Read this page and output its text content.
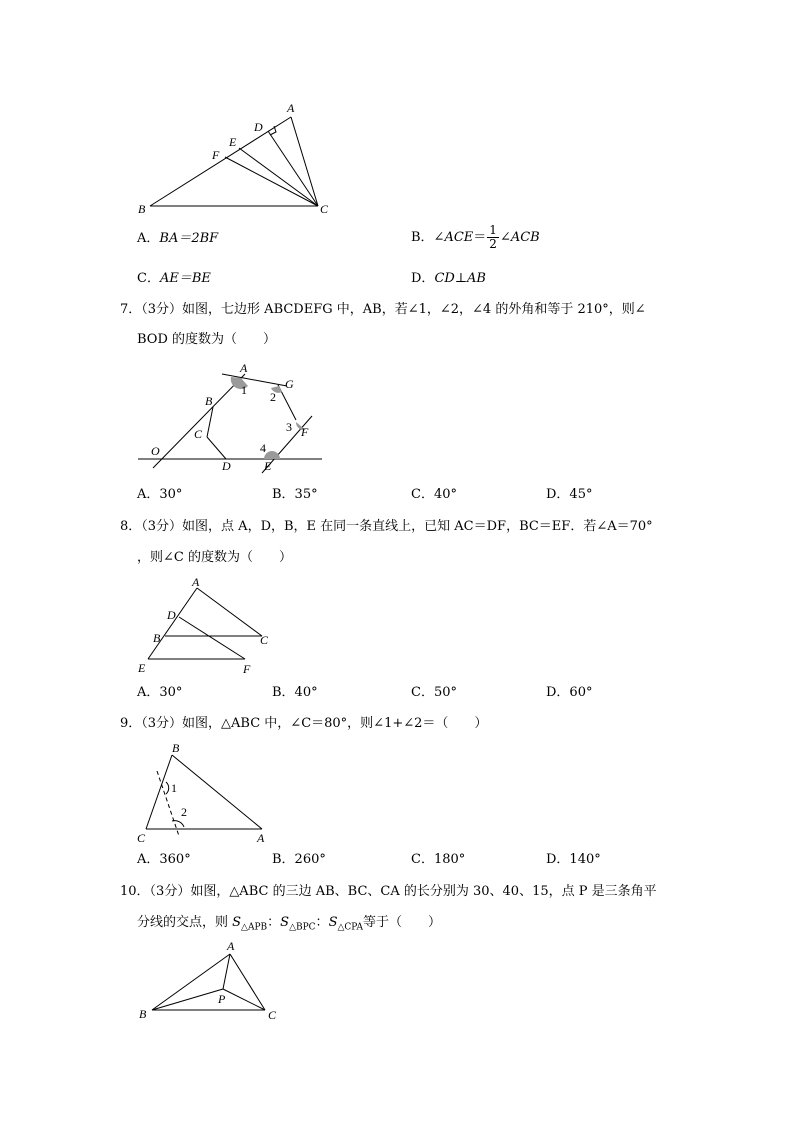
A
D
E
F
B	C
A．BA＝2BF	B．∠ACE＝ $\frac{1}{2}$ ∠ACB
C．AE＝BE	D．CD⊥AB
7．（3分）如图，七边形 ABCDEFG 中，AB，若∠1，∠2，∠4 的外角和等于 210°，则∠
BOD 的度数为（　　）
A
G
B
C
O
D	E
F
1 2
3
4
A．30°	B．35°	C．40°	D．45°
8．（3分）如图，点 A，D，B，E 在同一条直线上，已知 AC＝DF，BC＝EF．若∠A＝70°
，则∠C 的度数为（　　）
A
D
B	C
E	F
A．30°	B．40°	C．50°	D．60°
9．（3分）如图，△ABC 中，∠C＝80°，则∠1+∠2＝（　　）
B
C	A
1
2
A．360°	B．260°	C．180°	D．140°
10．（3分）如图，△ABC 的三边 AB、BC、CA 的长分别为 30、40、15，点 P 是三条角平
分线的交点，则 $S_{\triangle APB}$：$S_{\triangle BPC}$：$S_{\triangle CPA}$等于（　　）
A
P
B	C
